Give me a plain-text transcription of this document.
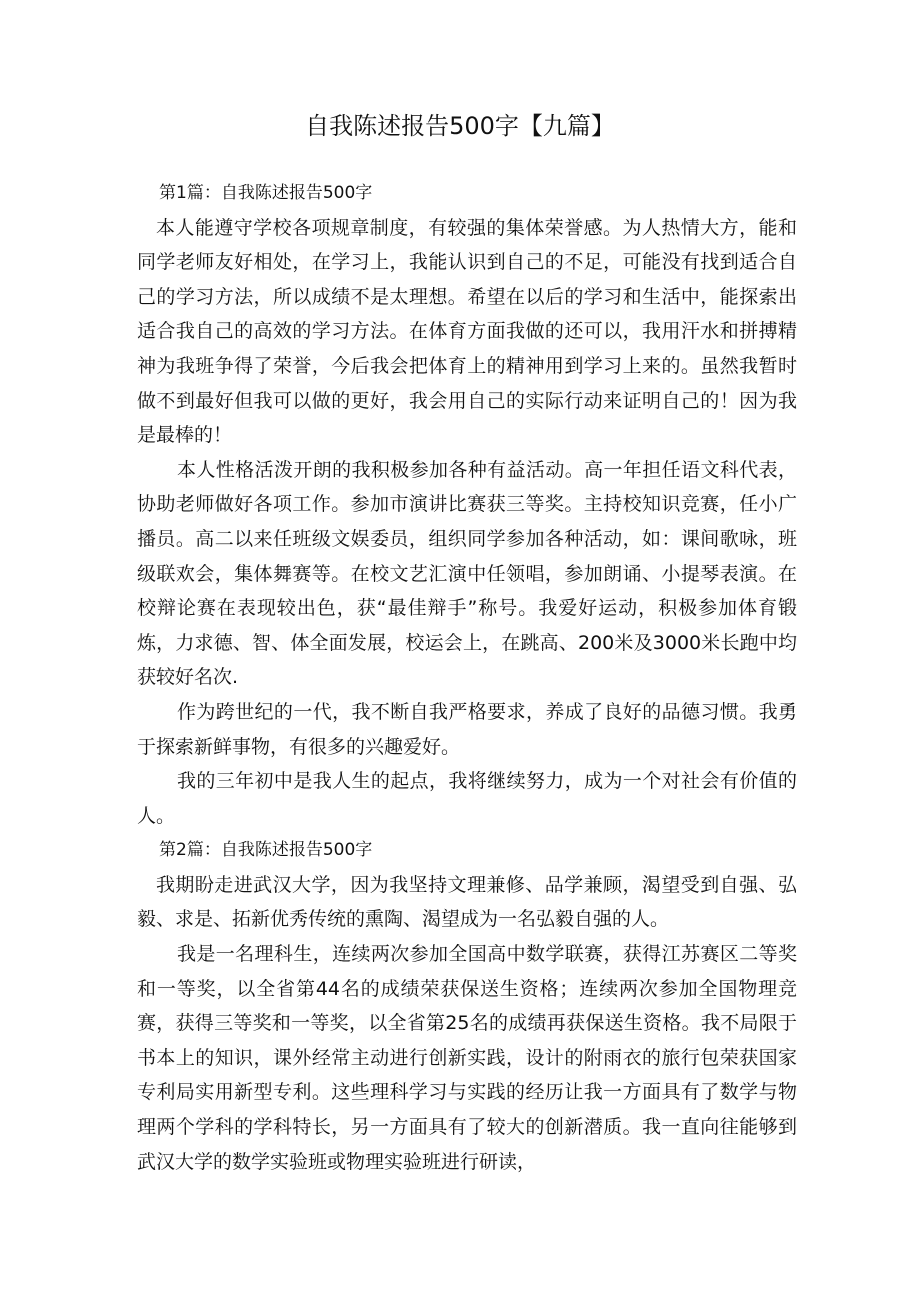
自我陈述报告500字【九篇】

第1篇：自我陈述报告500字

本人能遵守学校各项规章制度，有较强的集体荣誉感。为人热情大方，能和同学老师友好相处，在学习上，我能认识到自己的不足，可能没有找到适合自己的学习方法，所以成绩不是太理想。希望在以后的学习和生活中，能探索出适合我自己的高效的学习方法。在体育方面我做的还可以，我用汗水和拼搏精神为我班争得了荣誉，今后我会把体育上的精神用到学习上来的。虽然我暂时做不到最好但我可以做的更好，我会用自己的实际行动来证明自己的！因为我是最棒的！

本人性格活泼开朗的我积极参加各种有益活动。高一年担任语文科代表，协助老师做好各项工作。参加市演讲比赛获三等奖。主持校知识竞赛，任小广播员。高二以来任班级文娱委员，组织同学参加各种活动，如：课间歌咏，班级联欢会，集体舞赛等。在校文艺汇演中任领唱，参加朗诵、小提琴表演。在校辩论赛在表现较出色，获“最佳辩手”称号。我爱好运动，积极参加体育锻炼，力求德、智、体全面发展，校运会上，在跳高、200米及3000米长跑中均获较好名次.

作为跨世纪的一代，我不断自我严格要求，养成了良好的品德习惯。我勇于探索新鲜事物，有很多的兴趣爱好。

我的三年初中是我人生的起点，我将继续努力，成为一个对社会有价值的人。

第2篇：自我陈述报告500字

我期盼走进武汉大学，因为我坚持文理兼修、品学兼顾，渴望受到自强、弘毅、求是、拓新优秀传统的熏陶、渴望成为一名弘毅自强的人。

我是一名理科生，连续两次参加全国高中数学联赛，获得江苏赛区二等奖和一等奖，以全省第44名的成绩荣获保送生资格；连续两次参加全国物理竞赛，获得三等奖和一等奖，以全省第25名的成绩再获保送生资格。我不局限于书本上的知识，课外经常主动进行创新实践，设计的附雨衣的旅行包荣获国家专利局实用新型专利。这些理科学习与实践的经历让我一方面具有了数学与物理两个学科的学科特长，另一方面具有了较大的创新潜质。我一直向往能够到武汉大学的数学实验班或物理实验班进行研读，
